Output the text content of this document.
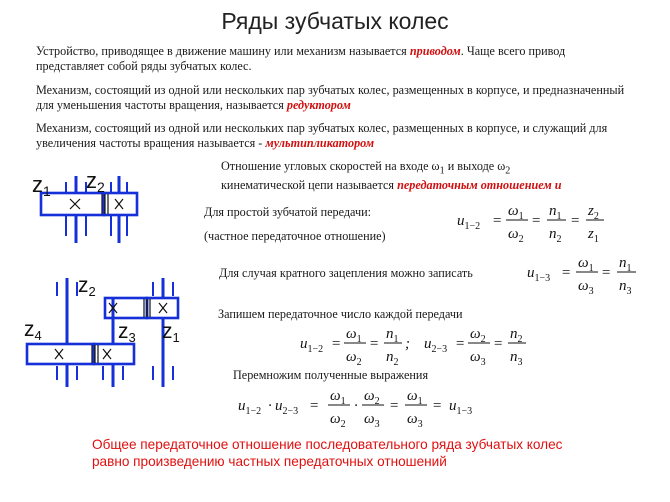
Ряды зубчатых колес
Устройство, приводящее в движение машину или механизм называется приводом. Чаще всего привод представляет собой ряды зубчатых колес.
Механизм, состоящий из одной или нескольких пар зубчатых колес, размещенных в корпусе, и предназначенный для уменьшения частоты вращения, называется редуктором
Механизм, состоящий из одной или нескольких пар зубчатых колес, размещенных в корпусе, и служащий для увеличения частоты вращения называется - мультипликатором
Отношение угловых скоростей на входе $\omega_1$ и выходе $\omega_2$
кинематической цепи называется передаточным отношением u
Для простой зубчатой передачи:
(частное передаточное отношение)
Для случая кратного зацепления можно записать
Запишем передаточное число каждой передачи
Перемножим полученные выражения
Общее передаточное отношение последовательного ряда зубчатых колес
равно произведению частных передаточных отношений
z1 z2
z2
z3
z4	z1
$u_{1-2}$ =
$\omega_1$
$\omega_2$
=
$n_1$
$n_2$
=
$z_2$
$z_1$
$u_{1-3}$ =
$\omega_1$
$\omega_3$
=
$n_1$
$n_3$
$u_{1-2}$ =
$\omega_1$
$\omega_2$
=
$n_1$
$n_2$
; $u_{2-3}$ =
$\omega_2$
$\omega_3$
=
$n_2$
$n_3$
$u_{1-2} \cdot u_{2-3}$ =
$\omega_1$
$\omega_2$
·
$\omega_2$
$\omega_3$
=
$\omega_1$
$\omega_3$
= $u_{1-3}$
